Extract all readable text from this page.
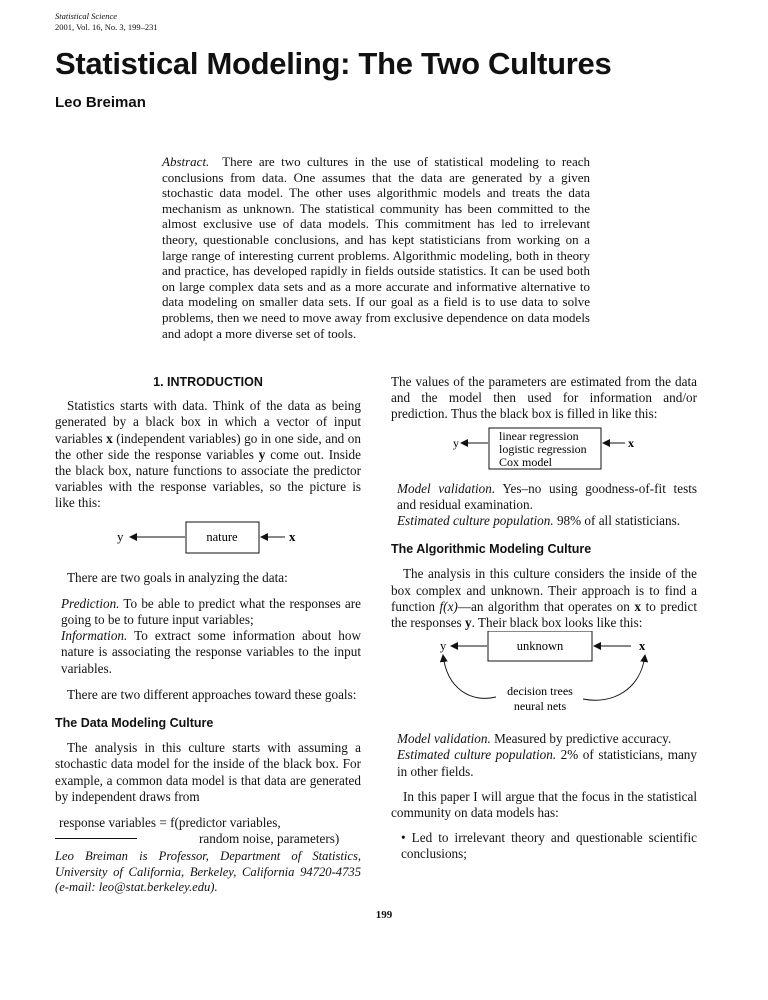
Statistical Science
2001, Vol. 16, No. 3, 199–231
Statistical Modeling: The Two Cultures
Leo Breiman
Abstract. There are two cultures in the use of statistical modeling to reach conclusions from data. One assumes that the data are generated by a given stochastic data model. The other uses algorithmic models and treats the data mechanism as unknown. The statistical community has been committed to the almost exclusive use of data models. This commitment has led to irrelevant theory, questionable conclusions, and has kept statisticians from working on a large range of interesting current problems. Algorithmic modeling, both in theory and practice, has developed rapidly in fields outside statistics. It can be used both on large complex data sets and as a more accurate and informative alternative to data modeling on smaller data sets. If our goal as a field is to use data to solve problems, then we need to move away from exclusive dependence on data models and adopt a more diverse set of tools.
1. INTRODUCTION

Statistics starts with data. Think of the data as being generated by a black box in which a vector of input variables x (independent variables) go in one side, and on the other side the response variables y come out. Inside the black box, nature functions to associate the predictor variables with the response variables, so the picture is like this:

y	nature	x

There are two goals in analyzing the data:

Prediction. To be able to predict what the responses are going to be to future input variables;

Information. To extract some information about how nature is associating the response variables to the input variables.

There are two different approaches toward these goals:

The Data Modeling Culture

The analysis in this culture starts with assuming a stochastic data model for the inside of the black box. For example, a common data model is that data are generated by independent draws from

response variables = f(predictor variables,
random noise, parameters)
Leo Breiman is Professor, Department of Statistics, University of California, Berkeley, California 94720-4735 (e-mail: leo@stat.berkeley.edu).

The values of the parameters are estimated from the data and the model then used for information and/or prediction. Thus the black box is filled in like this:

y	linear regression
logistic regression
Cox model
x

Model validation. Yes–no using goodness-of-fit tests and residual examination.

Estimated culture population. 98% of all statisticians.

The Algorithmic Modeling Culture

The analysis in this culture considers the inside of the box complex and unknown. Their approach is to find a function f(x)—an algorithm that operates on x to predict the responses y. Their black box looks like this:

y	unknown	x
decision trees
neural nets

Model validation. Measured by predictive accuracy.

Estimated culture population. 2% of statisticians, many in other fields.

In this paper I will argue that the focus in the statistical community on data models has:

• Led to irrelevant theory and questionable scientific conclusions;

199
